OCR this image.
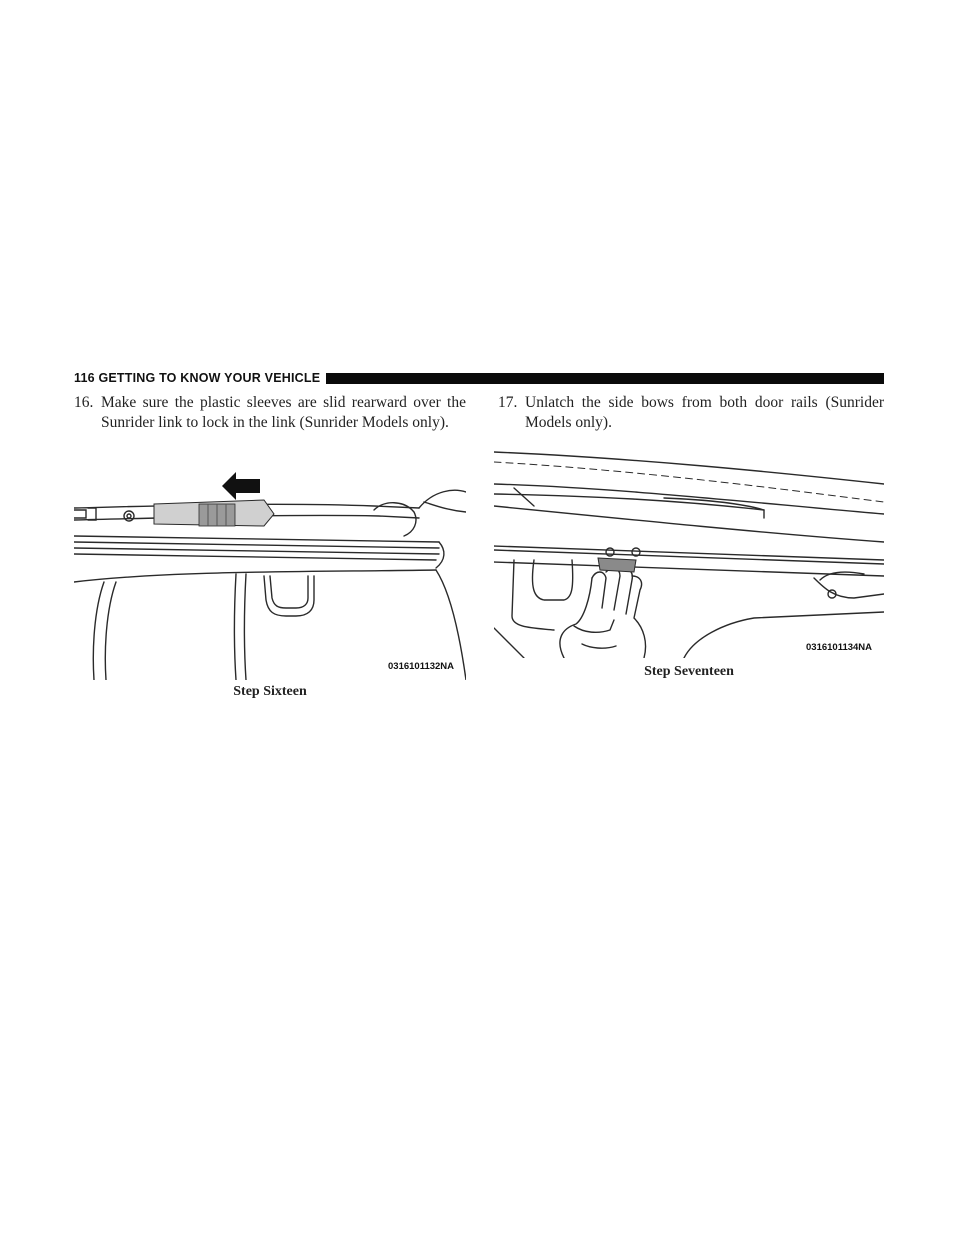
116 GETTING TO KNOW YOUR VEHICLE
16. Make sure the plastic sleeves are slid rearward over the Sunrider link to lock in the link (Sunrider Models only).
0316101132NA
Step Sixteen
17. Unlatch the side bows from both door rails (Sunrider Models only).
0316101134NA
Step Seventeen
